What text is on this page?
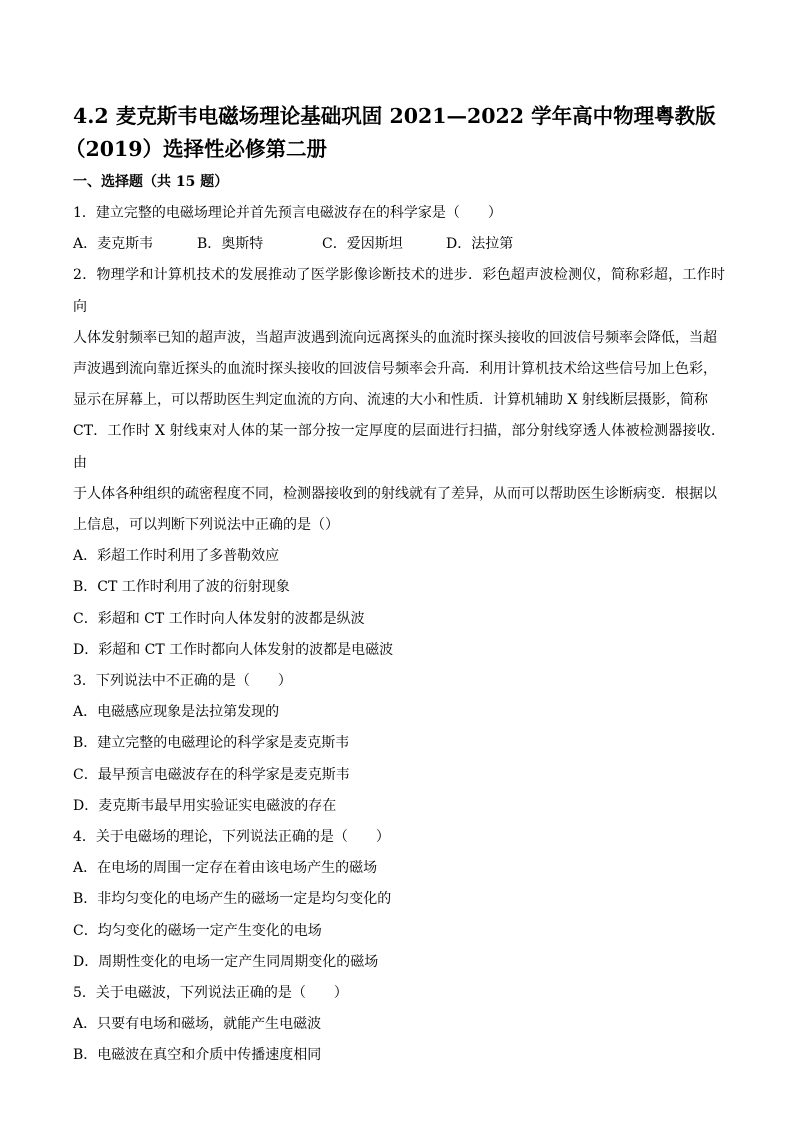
4.2 麦克斯韦电磁场理论基础巩固 2021—2022 学年高中物理粤教版
（2019）选择性必修第二册
一、选择题（共 15 题）

1．建立完整的电磁场理论并首先预言电磁波存在的科学家是（　　）

A．麦克斯韦	B．奥斯特	C．爱因斯坦	D．法拉第
2．物理学和计算机技术的发展推动了医学影像诊断技术的进步．彩色超声波检测仪，简称彩超，工作时向
人体发射频率已知的超声波，当超声波遇到流向远离探头的血流时探头接收的回波信号频率会降低，当超
声波遇到流向靠近探头的血流时探头接收的回波信号频率会升高．利用计算机技术给这些信号加上色彩，
显示在屏幕上，可以帮助医生判定血流的方向、流速的大小和性质．计算机辅助 X 射线断层摄影，简称
CT．工作时 X 射线束对人体的某一部分按一定厚度的层面进行扫描，部分射线穿透人体被检测器接收．由
于人体各种组织的疏密程度不同，检测器接收到的射线就有了差异，从而可以帮助医生诊断病变．根据以
上信息，可以判断下列说法中正确的是（）
A．彩超工作时利用了多普勒效应
B．CT 工作时利用了波的衍射现象
C．彩超和 CT 工作时向人体发射的波都是纵波
D．彩超和 CT 工作时都向人体发射的波都是电磁波

3．下列说法中不正确的是（　　）

A．电磁感应现象是法拉第发现的
B．建立完整的电磁理论的科学家是麦克斯韦
C．最早预言电磁波存在的科学家是麦克斯韦
D．麦克斯韦最早用实验证实电磁波的存在

4．关于电磁场的理论，下列说法正确的是（　　）

A．在电场的周围一定存在着由该电场产生的磁场
B．非均匀变化的电场产生的磁场一定是均匀变化的
C．均匀变化的磁场一定产生变化的电场
D．周期性变化的电场一定产生同周期变化的磁场

5．关于电磁波，下列说法正确的是（　　）

A．只要有电场和磁场，就能产生电磁波
B．电磁波在真空和介质中传播速度相同
